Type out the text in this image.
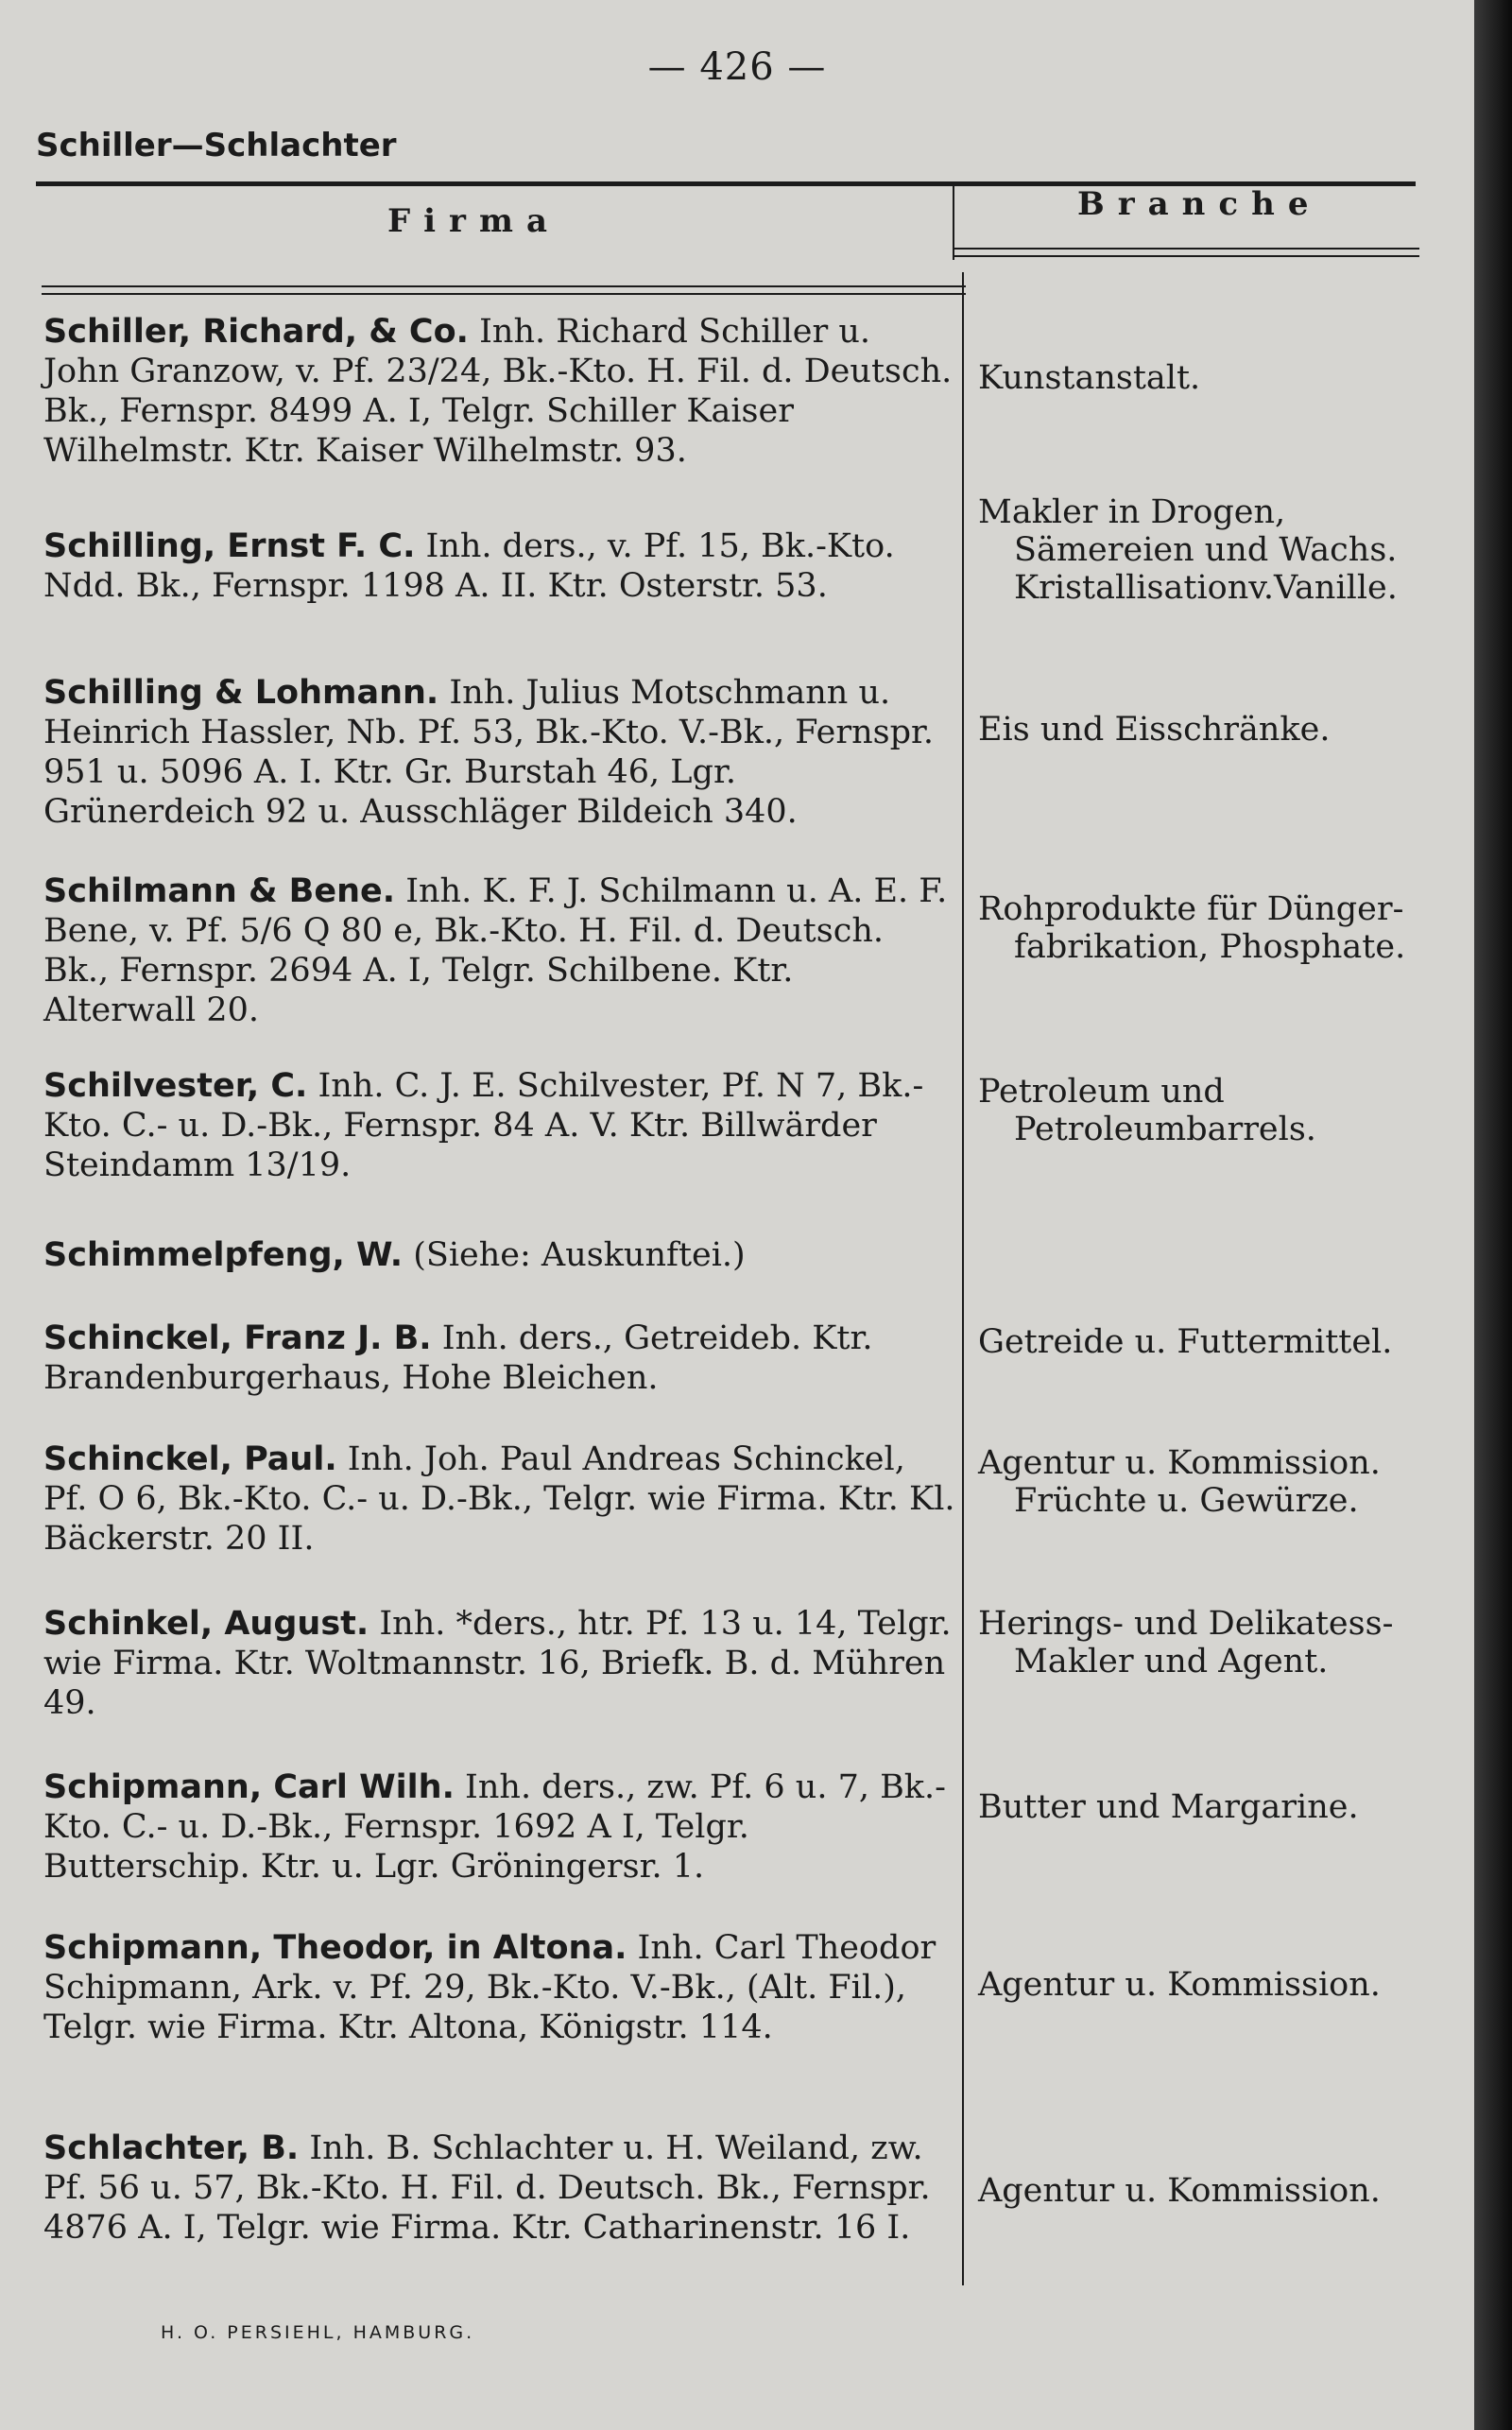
— 426 —
Schiller—Schlachter
Firma	Branche

Schiller, Richard, & Co. Inh. Richard Schiller u. John Granzow, v. Pf. 23/24, Bk.-Kto. H. Fil. d. Deutsch. Bk., Fernspr. 8499 A. I, Telgr. Schiller Kaiser Wilhelmstr. Ktr. Kaiser Wilhelmstr. 93.

Kunstanstalt.

Schilling, Ernst F. C. Inh. ders., v. Pf. 15, Bk.-Kto. Ndd. Bk., Fernspr. 1198 A. II. Ktr. Osterstr. 53.

Makler in Drogen,
Sämereien und Wachs.
Kristallisationv.Vanille.

Schilling & Lohmann. Inh. Julius Motschmann u. Heinrich Hassler, Nb. Pf. 53, Bk.-Kto. V.-Bk., Fernspr. 951 u. 5096 A. I. Ktr. Gr. Burstah 46, Lgr. Grünerdeich 92 u. Ausschläger Bildeich 340.

Eis und Eisschränke.

Schilmann & Bene. Inh. K. F. J. Schilmann u. A. E. F. Bene, v. Pf. 5/6 Q 80 e, Bk.-Kto. H. Fil. d. Deutsch. Bk., Fernspr. 2694 A. I, Telgr. Schilbene. Ktr. Alterwall 20.

Rohprodukte für Dünger-
fabrikation, Phosphate.

Schilvester, C. Inh. C. J. E. Schilvester, Pf. N 7, Bk.-Kto. C.- u. D.-Bk., Fernspr. 84 A. V. Ktr. Billwärder Steindamm 13/19.

Petroleum und
Petroleumbarrels.

Schimmelpfeng, W. (Siehe: Auskunftei.)

Schinckel, Franz J. B. Inh. ders., Getreideb. Ktr. Brandenburgerhaus, Hohe Bleichen.

Getreide u. Futtermittel.

Schinckel, Paul. Inh. Joh. Paul Andreas Schinckel, Pf. O 6, Bk.-Kto. C.- u. D.-Bk., Telgr. wie Firma. Ktr. Kl. Bäckerstr. 20 II.

Agentur u. Kommission.
Früchte u. Gewürze.

Schinkel, August. Inh. *ders., htr. Pf. 13 u. 14, Telgr. wie Firma. Ktr. Woltmannstr. 16, Briefk. B. d. Mühren 49.

Herings- und Delikatess-
Makler und Agent.

Schipmann, Carl Wilh. Inh. ders., zw. Pf. 6 u. 7, Bk.-Kto. C.- u. D.-Bk., Fernspr. 1692 A I, Telgr. Butterschip. Ktr. u. Lgr. Gröningersr. 1.

Butter und Margarine.

Schipmann, Theodor, in Altona. Inh. Carl Theodor Schipmann, Ark. v. Pf. 29, Bk.-Kto. V.-Bk., (Alt. Fil.), Telgr. wie Firma. Ktr. Altona, Königstr. 114.

Agentur u. Kommission.

Schlachter, B. Inh. B. Schlachter u. H. Weiland, zw. Pf. 56 u. 57, Bk.-Kto. H. Fil. d. Deutsch. Bk., Fernspr. 4876 A. I, Telgr. wie Firma. Ktr. Catharinenstr. 16 I.

Agentur u. Kommission.

H. O. PERSIEHL, HAMBURG.
